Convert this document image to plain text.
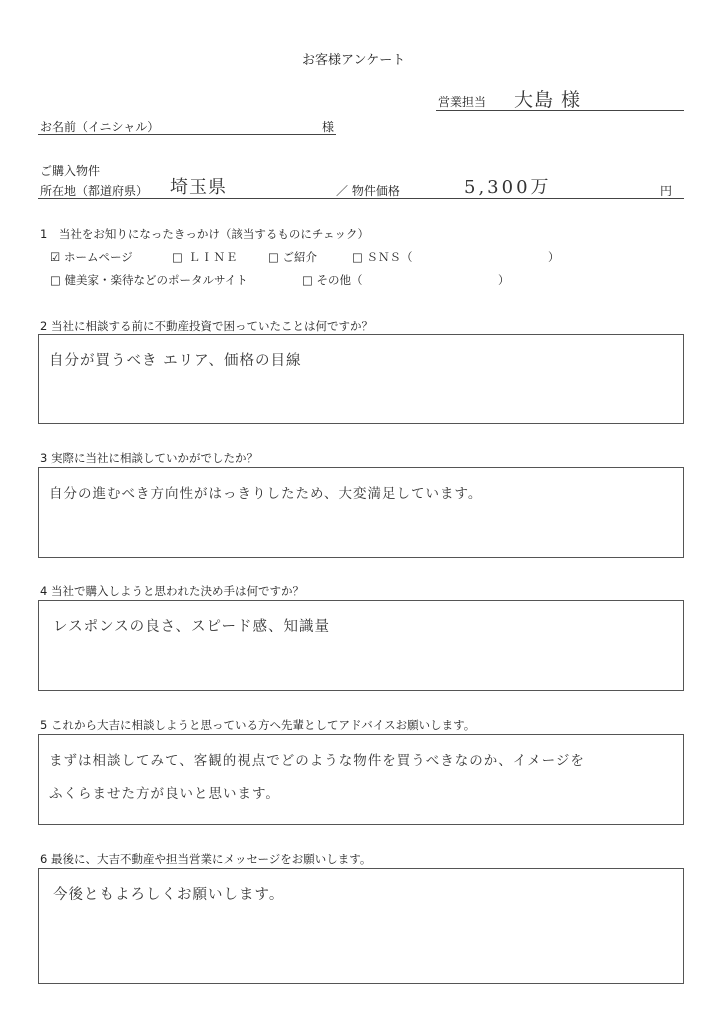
お客様アンケート
営業担当 大島 様
お名前（イニシャル）	様
ご購入物件
所在地（都道府県） 埼玉県	／ 物件価格	5,300万	円
1　当社をお知りになったきっかけ（該当するものにチェック）
☑ ホームページ	□ ＬＩＮＥ	□ ご紹介	□ ＳＮＳ（	）
□ 健美家・楽待などのポータルサイト	□ その他（	）
2 当社に相談する前に不動産投資で困っていたことは何ですか？
自分が買うべき エリア、価格の目線
3 実際に当社に相談していかがでしたか？
自分の進むべき方向性がはっきりしたため、大変満足しています。
4 当社で購入しようと思われた決め手は何ですか？
レスポンスの良さ、スピード感、知識量
5 これから大吉に相談しようと思っている方へ先輩としてアドバイスお願いします。
まずは相談してみて、客観的視点でどのような物件を買うべきなのか、イメージを
ふくらませた方が良いと思います。
6 最後に、大吉不動産や担当営業にメッセージをお願いします。
今後ともよろしくお願いします。
